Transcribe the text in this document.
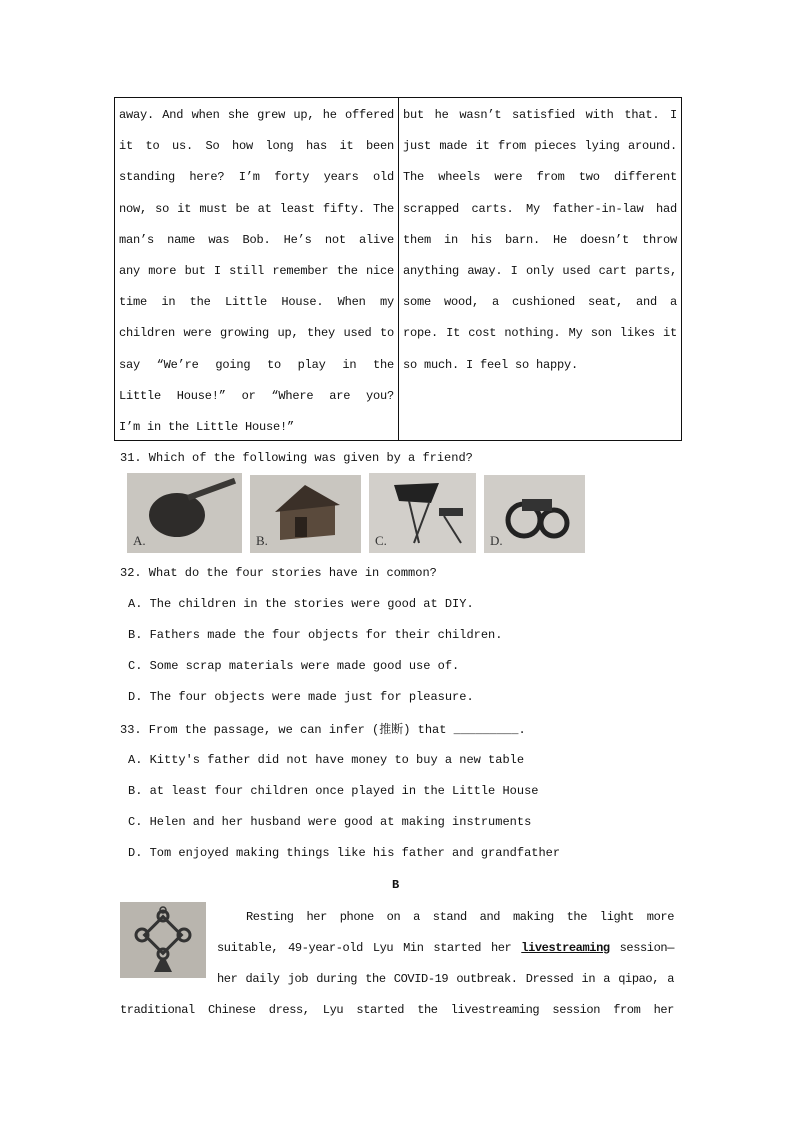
away. And when she grew up, he offered
it to us. So how long has it been
standing here? I’m forty years old
now, so it must be at least fifty. The
man’s name was Bob. He’s not alive
any more but I still remember the nice
time in the Little House. When my
children were growing up, they used to
say “We’re going to play in the
Little House!” or “Where are you?
I’m in the Little House!”
but he wasn’t satisfied with that. I
just made it from pieces lying around.
The wheels were from two different
scrapped carts. My father-in-law had
them in his barn. He doesn’t throw
anything away. I only used cart parts,
some wood, a cushioned seat, and a
rope. It cost nothing. My son likes it
so much. I feel so happy.
31. Which of the following was given by a friend?
A.	B.	C.	D.
32. What do the four stories have in common?
A. The children in the stories were good at DIY.
B. Fathers made the four objects for their children.
C. Some scrap materials were made good use of.
D. The four objects were made just for pleasure.
33. From the passage, we can infer (推断) that _________.
A. Kitty's father did not have money to buy a new table
B. at least four children once played in the Little House
C. Helen and her husband were good at making instruments
D. Tom enjoyed making things like his father and grandfather
B
Resting her phone on a stand and making the light more
suitable, 49-year-old Lyu Min started her livestreaming session—
her daily job during the COVID-19 outbreak. Dressed in a qipao, a
traditional Chinese dress, Lyu started the livestreaming session from her
